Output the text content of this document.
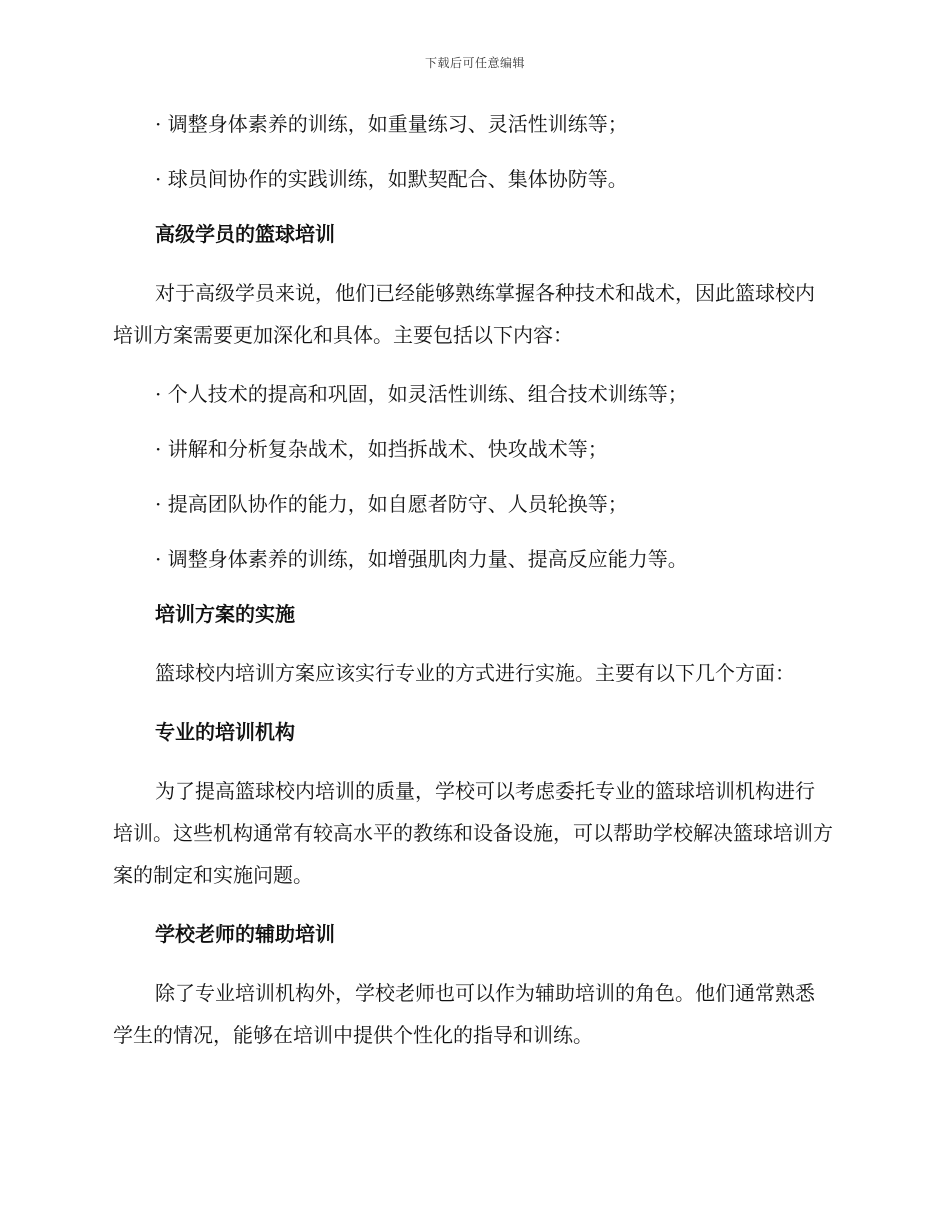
下载后可任意编辑

· 调整身体素养的训练，如重量练习、灵活性训练等；

· 球员间协作的实践训练，如默契配合、集体协防等。

高级学员的篮球培训

对于高级学员来说，他们已经能够熟练掌握各种技术和战术，因此篮球校内培训方案需要更加深化和具体。主要包括以下内容：

· 个人技术的提高和巩固，如灵活性训练、组合技术训练等；

· 讲解和分析复杂战术，如挡拆战术、快攻战术等；

· 提高团队协作的能力，如自愿者防守、人员轮换等；

· 调整身体素养的训练，如增强肌肉力量、提高反应能力等。

培训方案的实施

篮球校内培训方案应该实行专业的方式进行实施。主要有以下几个方面：

专业的培训机构

为了提高篮球校内培训的质量，学校可以考虑委托专业的篮球培训机构进行培训。这些机构通常有较高水平的教练和设备设施，可以帮助学校解决篮球培训方案的制定和实施问题。

学校老师的辅助培训

除了专业培训机构外，学校老师也可以作为辅助培训的角色。他们通常熟悉学生的情况，能够在培训中提供个性化的指导和训练。
